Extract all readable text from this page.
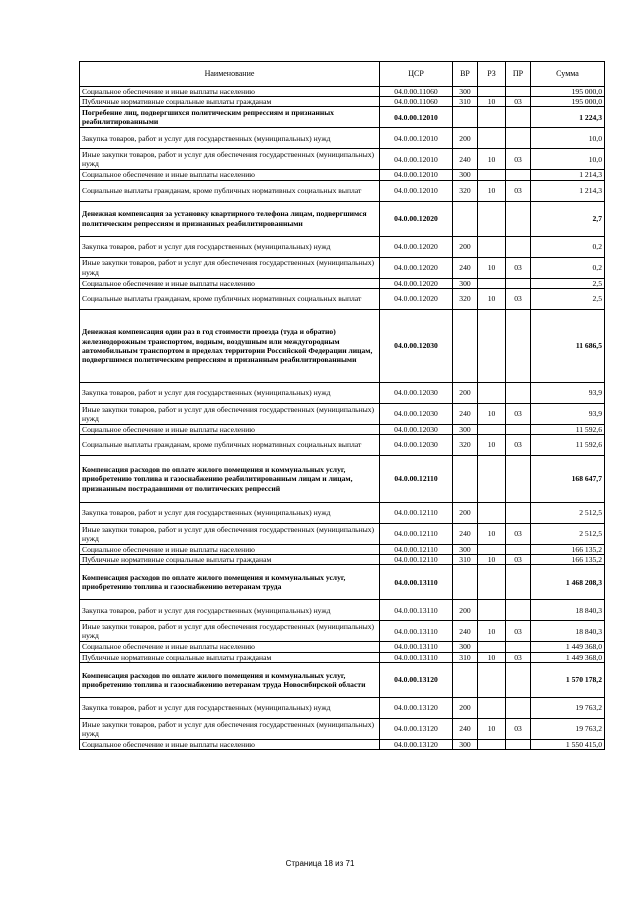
Наименование	ЦСР	ВР	РЗ	ПР	Сумма
Социальное обеспечение и иные выплаты населению	04.0.00.11060	300			195 000,0
Публичные нормативные социальные выплаты гражданам	04.0.00.11060	310	10	03	195 000,0
Погребение лиц, подвергшихся политическим репрессиям и признанных реабилитированными	04.0.00.12010				1 224,3
Закупка товаров, работ и услуг для государственных (муниципальных) нужд	04.0.00.12010	200			10,0
Иные закупки товаров, работ и услуг для обеспечения государственных (муниципальных) нужд	04.0.00.12010	240	10	03	10,0
Социальное обеспечение и иные выплаты населению	04.0.00.12010	300			1 214,3
Социальные выплаты гражданам, кроме публичных нормативных социальных выплат	04.0.00.12010	320	10	03	1 214,3
Денежная компенсация за установку квартирного телефона лицам, подвергшимся политическим репрессиям и признанных реабилитированными	04.0.00.12020				2,7
Закупка товаров, работ и услуг для государственных (муниципальных) нужд	04.0.00.12020	200			0,2
Иные закупки товаров, работ и услуг для обеспечения государственных (муниципальных) нужд	04.0.00.12020	240	10	03	0,2
Социальное обеспечение и иные выплаты населению	04.0.00.12020	300			2,5
Социальные выплаты гражданам, кроме публичных нормативных социальных выплат	04.0.00.12020	320	10	03	2,5
Денежная компенсация один раз в год стоимости проезда (туда и обратно) железнодорожным транспортом, водным, воздушным или междугородным автомобильным транспортом в пределах территории Российской Федерации лицам, подвергшимся политическим репрессиям и признанным реабилитированными	04.0.00.12030				11 686,5
Закупка товаров, работ и услуг для государственных (муниципальных) нужд	04.0.00.12030	200			93,9
Иные закупки товаров, работ и услуг для обеспечения государственных (муниципальных) нужд	04.0.00.12030	240	10	03	93,9
Социальное обеспечение и иные выплаты населению	04.0.00.12030	300			11 592,6
Социальные выплаты гражданам, кроме публичных нормативных социальных выплат	04.0.00.12030	320	10	03	11 592,6
Компенсация расходов по оплате жилого помещения и коммунальных услуг, приобретению топлива и газоснабжению реабилитированным лицам и лицам, признанным пострадавшими от политических репрессий	04.0.00.12110				168 647,7
Закупка товаров, работ и услуг для государственных (муниципальных) нужд	04.0.00.12110	200			2 512,5
Иные закупки товаров, работ и услуг для обеспечения государственных (муниципальных) нужд	04.0.00.12110	240	10	03	2 512,5
Социальное обеспечение и иные выплаты населению	04.0.00.12110	300			166 135,2
Публичные нормативные социальные выплаты гражданам	04.0.00.12110	310	10	03	166 135,2
Компенсация расходов по оплате жилого помещения и коммунальных услуг, приобретению топлива и газоснабжению ветеранам труда	04.0.00.13110				1 468 208,3
Закупка товаров, работ и услуг для государственных (муниципальных) нужд	04.0.00.13110	200			18 840,3
Иные закупки товаров, работ и услуг для обеспечения государственных (муниципальных) нужд	04.0.00.13110	240	10	03	18 840,3
Социальное обеспечение и иные выплаты населению	04.0.00.13110	300			1 449 368,0
Публичные нормативные социальные выплаты гражданам	04.0.00.13110	310	10	03	1 449 368,0
Компенсация расходов по оплате жилого помещения и коммунальных услуг, приобретению топлива и газоснабжению ветеранам труда Новосибирской области	04.0.00.13120				1 570 178,2
Закупка товаров, работ и услуг для государственных (муниципальных) нужд	04.0.00.13120	200			19 763,2
Иные закупки товаров, работ и услуг для обеспечения государственных (муниципальных) нужд	04.0.00.13120	240	10	03	19 763,2
Социальное обеспечение и иные выплаты населению	04.0.00.13120	300			1 550 415,0
Страница 18 из 71
